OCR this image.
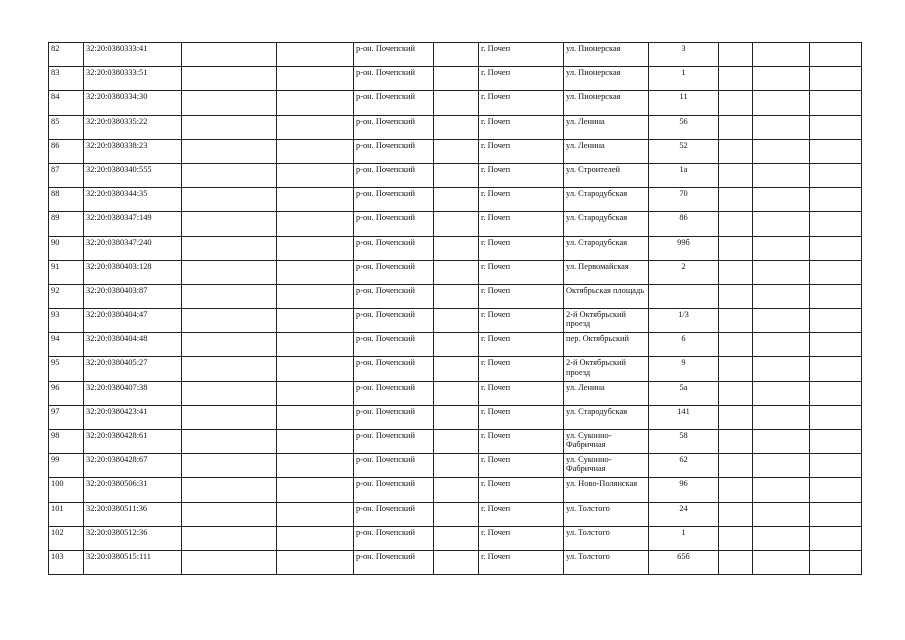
82	32:20:0380333:41			р-он. Почепский		г. Почеп	ул. Пионерская	3			
83	32:20:0380333:51			р-он. Почепский		г. Почеп	ул. Пионерская	1			
84	32:20:0380334:30			р-он. Почепский		г. Почеп	ул. Пионерская	11			
85	32:20:0380335:22			р-он. Почепский		г. Почеп	ул. Ленина	56			
86	32:20:0380338:23			р-он. Почепский		г. Почеп	ул. Ленина	52			
87	32:20:0380340:555			р-он. Почепский		г. Почеп	ул. Строителей	1а			
88	32:20:0380344:35			р-он. Почепский		г. Почеп	ул. Стародубская	70			
89	32:20:0380347:149			р-он. Почепский		г. Почеп	ул. Стародубская	86			
90	32:20:0380347:240			р-он. Почепский		г. Почеп	ул. Стародубская	99б			
91	32:20:0380403:128			р-он. Почепский		г. Почеп	ул. Первомайская	2			
92	32:20:0380403:87			р-он. Почепский		г. Почеп	Октябрьская площадь				
93	32:20:0380404:47			р-он. Почепский		г. Почеп	2-й Октябрьский проезд	1/3			
94	32:20:0380404:48			р-он. Почепский		г. Почеп	пер. Октябрьский	6			
95	32:20:0380405:27			р-он. Почепский		г. Почеп	2-й Октябрьский проезд	9			
96	32:20:0380407:38			р-он. Почепский		г. Почеп	ул. Ленина	5а			
97	32:20:0380423:41			р-он. Почепский		г. Почеп	ул. Стародубская	141			
98	32:20:0380428:61			р-он. Почепский		г. Почеп	ул. Суконно-Фабричная	58			
99	32:20:0380428:67			р-он. Почепский		г. Почеп	ул. Суконно-Фабричная	62			
100	32:20:0380506:31			р-он. Почепский		г. Почеп	ул. Ново-Полянская	96			
101	32:20:0380511:36			р-он. Почепский		г. Почеп	ул. Толстого	24			
102	32:20:0380512:36			р-он. Почепский		г. Почеп	ул. Толстого	1			
103	32:20:0380515:111			р-он. Почепский		г. Почеп	ул. Толстого	65б			
